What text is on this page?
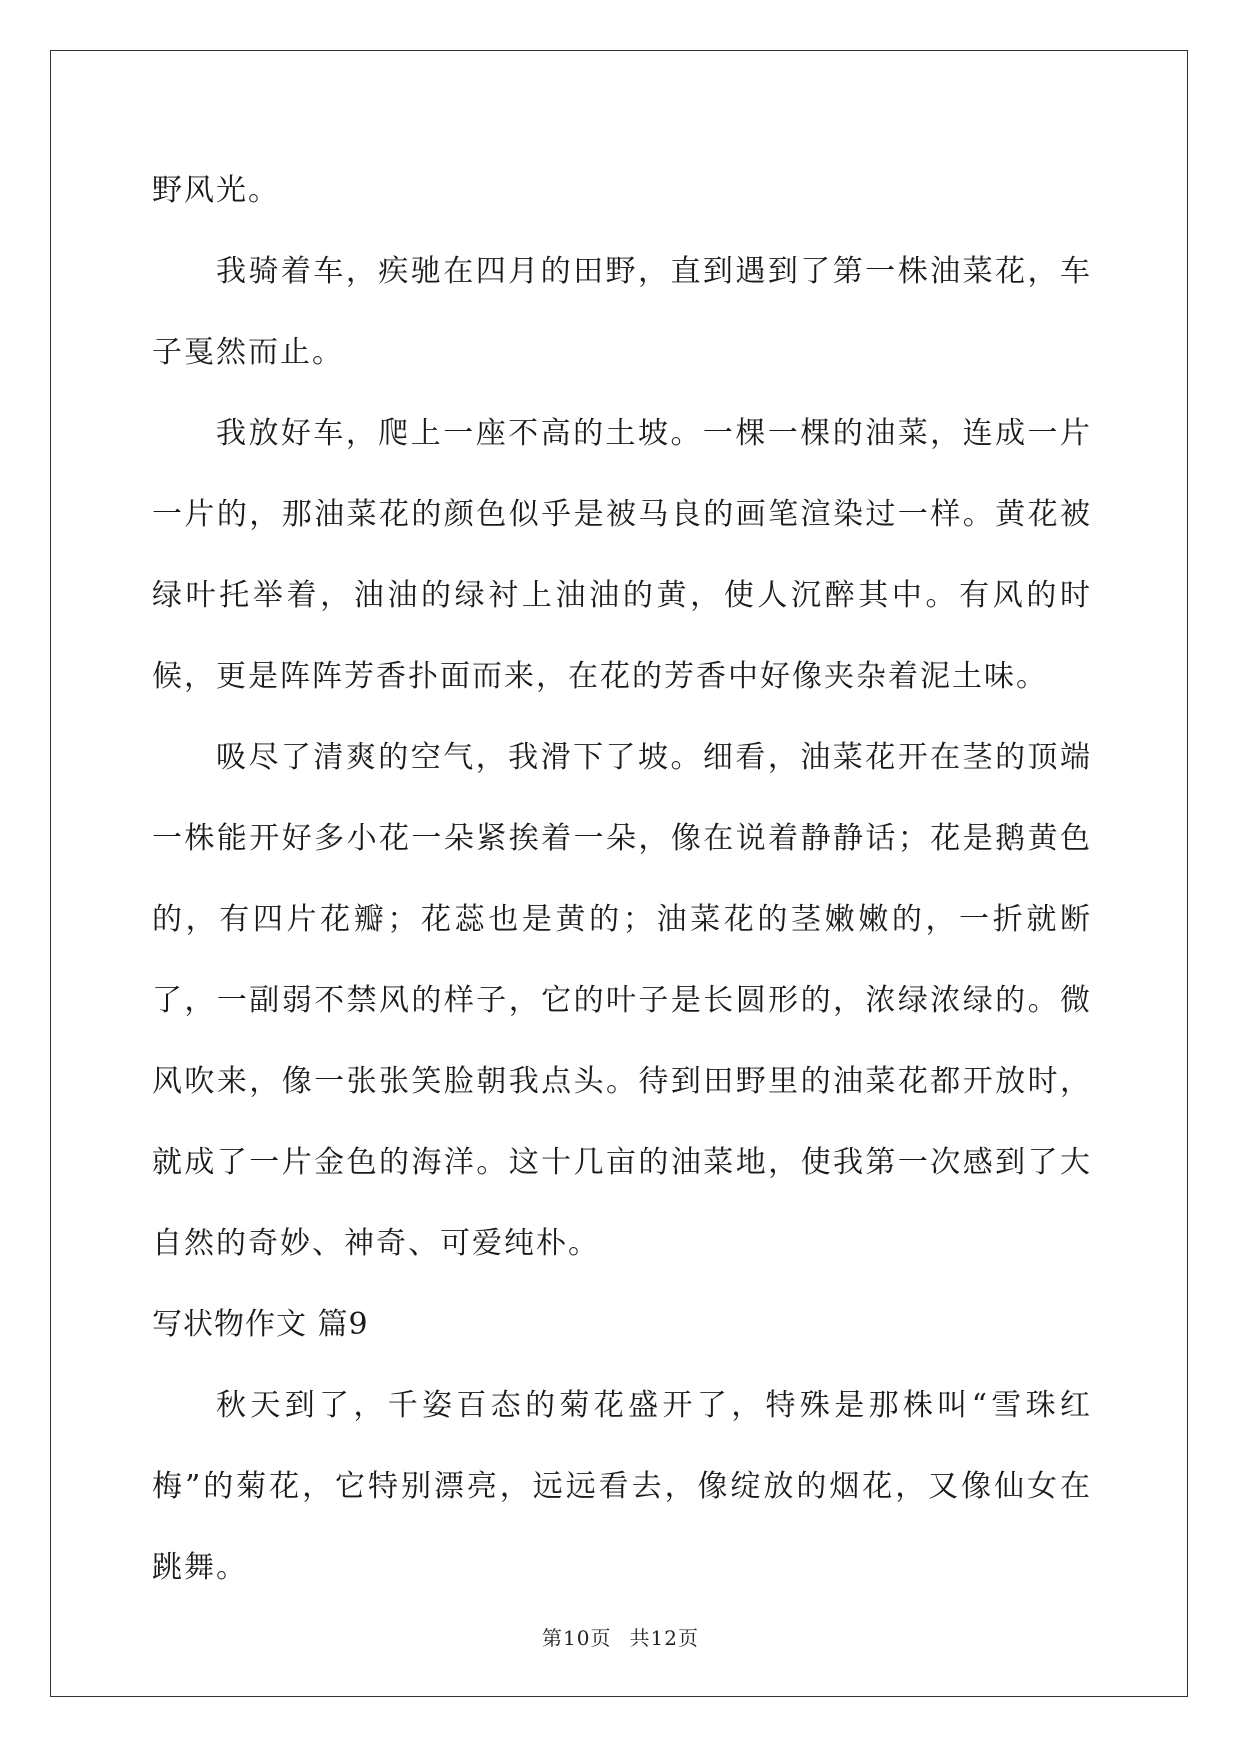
野风光。

我骑着车，疾驰在四月的田野，直到遇到了第一株油菜花，车子戛然而止。

我放好车，爬上一座不高的土坡。一棵一棵的油菜，连成一片一片的，那油菜花的颜色似乎是被马良的画笔渲染过一样。黄花被绿叶托举着，油油的绿衬上油油的黄，使人沉醉其中。有风的时候，更是阵阵芳香扑面而来，在花的芳香中好像夹杂着泥土味。

吸尽了清爽的空气，我滑下了坡。细看，油菜花开在茎的顶端一株能开好多小花一朵紧挨着一朵，像在说着静静话；花是鹅黄色的，有四片花瓣；花蕊也是黄的；油菜花的茎嫩嫩的，一折就断了，一副弱不禁风的样子，它的叶子是长圆形的，浓绿浓绿的。微风吹来，像一张张笑脸朝我点头。待到田野里的油菜花都开放时，就成了一片金色的海洋。这十几亩的油菜地，使我第一次感到了大自然的奇妙、神奇、可爱纯朴。

写状物作文 篇9

秋天到了，千姿百态的菊花盛开了，特殊是那株叫“雪珠红梅”的菊花，它特别漂亮，远远看去，像绽放的烟花，又像仙女在跳舞。

第10页 共12页
